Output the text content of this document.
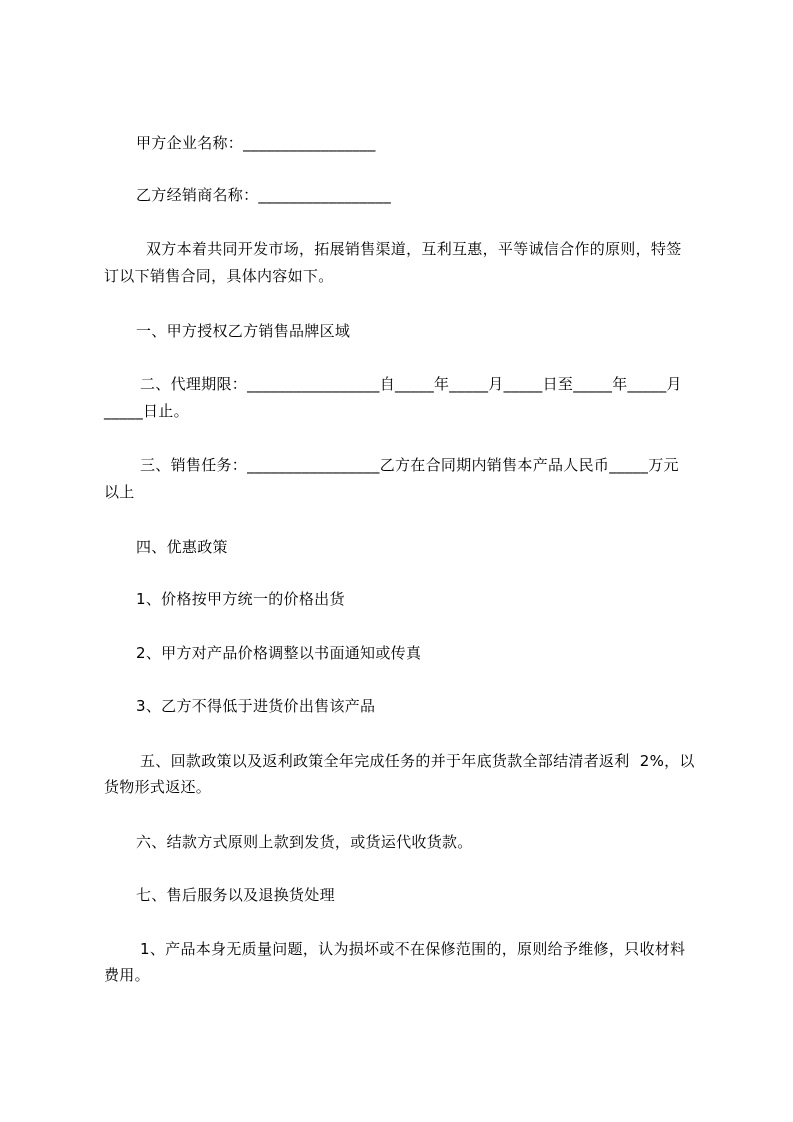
甲方企业名称：_________________
乙方经销商名称：_________________
双方本着共同开发市场，拓展销售渠道，互利互惠，平等诚信合作的原则，特签
订以下销售合同，具体内容如下。
一、甲方授权乙方销售品牌区域
二、代理期限：_________________自_____年_____月_____日至_____年_____月
_____日止。
三、销售任务：_________________乙方在合同期内销售本产品人民币_____万元
以上
四、优惠政策
1、价格按甲方统一的价格出货
2、甲方对产品价格调整以书面通知或传真
3、乙方不得低于进货价出售该产品
五、回款政策以及返利政策全年完成任务的并于年底货款全部结清者返利  2%，以
货物形式返还。
六、结款方式原则上款到发货，或货运代收货款。
七、售后服务以及退换货处理
1、产品本身无质量问题，认为损坏或不在保修范围的，原则给予维修，只收材料
费用。
